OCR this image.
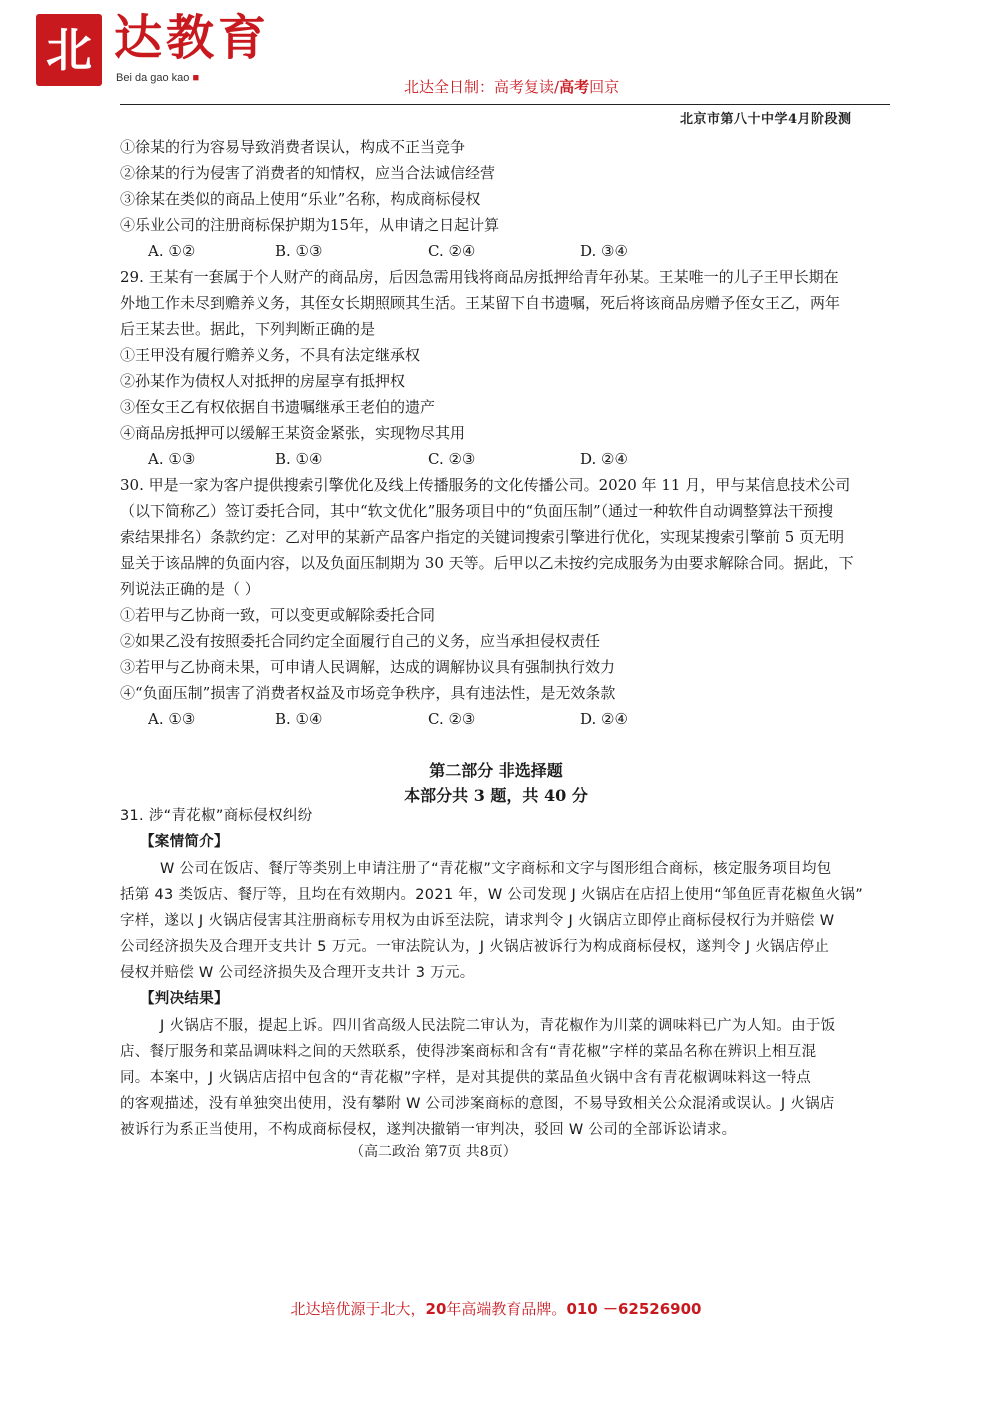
北 达教育
Bei da gao kao ■	北达全日制：高考复读/高考回京
北京市第八十中学4月阶段测
①徐某的行为容易导致消费者误认，构成不正当竞争
②徐某的行为侵害了消费者的知情权，应当合法诚信经营
③徐某在类似的商品上使用“乐业”名称，构成商标侵权
④乐业公司的注册商标保护期为15年，从申请之日起计算
A. ①②	B. ①③	C. ②④	D. ③④
29. 王某有一套属于个人财产的商品房，后因急需用钱将商品房抵押给青年孙某。王某唯一的儿子王甲长期在
外地工作未尽到赡养义务，其侄女长期照顾其生活。王某留下自书遗嘱，死后将该商品房赠予侄女王乙，两年
后王某去世。据此，下列判断正确的是
①王甲没有履行赡养义务，不具有法定继承权
②孙某作为债权人对抵押的房屋享有抵押权
③侄女王乙有权依据自书遗嘱继承王老伯的遗产
④商品房抵押可以缓解王某资金紧张，实现物尽其用
A. ①③	B. ①④	C. ②③	D. ②④
30. 甲是一家为客户提供搜索引擎优化及线上传播服务的文化传播公司。2020 年 11 月，甲与某信息技术公司
（以下简称乙）签订委托合同，其中“软文优化”服务项目中的“负面压制”（通过一种软件自动调整算法干预搜
索结果排名）条款约定：乙对甲的某新产品客户指定的关键词搜索引擎进行优化，实现某搜索引擎前 5 页无明
显关于该品牌的负面内容，以及负面压制期为 30 天等。后甲以乙未按约完成服务为由要求解除合同。据此，下
列说法正确的是（ ）
①若甲与乙协商一致，可以变更或解除委托合同
②如果乙没有按照委托合同约定全面履行自己的义务，应当承担侵权责任
③若甲与乙协商未果，可申请人民调解，达成的调解协议具有强制执行效力
④“负面压制”损害了消费者权益及市场竞争秩序，具有违法性，是无效条款
A. ①③	B. ①④	C. ②③	D. ②④
第二部分 非选择题
本部分共 3 题，共 40 分
31. 涉“青花椒”商标侵权纠纷
【案情简介】
W 公司在饭店、餐厅等类别上申请注册了“青花椒”文字商标和文字与图形组合商标，核定服务项目均包
括第 43 类饭店、餐厅等，且均在有效期内。2021 年，W 公司发现 J 火锅店在店招上使用“邹鱼匠青花椒鱼火锅”
字样，遂以 J 火锅店侵害其注册商标专用权为由诉至法院，请求判令 J 火锅店立即停止商标侵权行为并赔偿 W
公司经济损失及合理开支共计 5 万元。一审法院认为，J 火锅店被诉行为构成商标侵权，遂判令 J 火锅店停止
侵权并赔偿 W 公司经济损失及合理开支共计 3 万元。
【判决结果】
J 火锅店不服，提起上诉。四川省高级人民法院二审认为，青花椒作为川菜的调味料已广为人知。由于饭
店、餐厅服务和菜品调味料之间的天然联系，使得涉案商标和含有“青花椒”字样的菜品名称在辨识上相互混
同。本案中，J 火锅店店招中包含的“青花椒”字样，是对其提供的菜品鱼火锅中含有青花椒调味料这一特点
的客观描述，没有单独突出使用，没有攀附 W 公司涉案商标的意图，不易导致相关公众混淆或误认。J 火锅店
被诉行为系正当使用，不构成商标侵权，遂判决撤销一审判决，驳回 W 公司的全部诉讼请求。
（高二政治 第7页 共8页）
北达培优源于北大，20年高端教育品牌。010 －62526900
